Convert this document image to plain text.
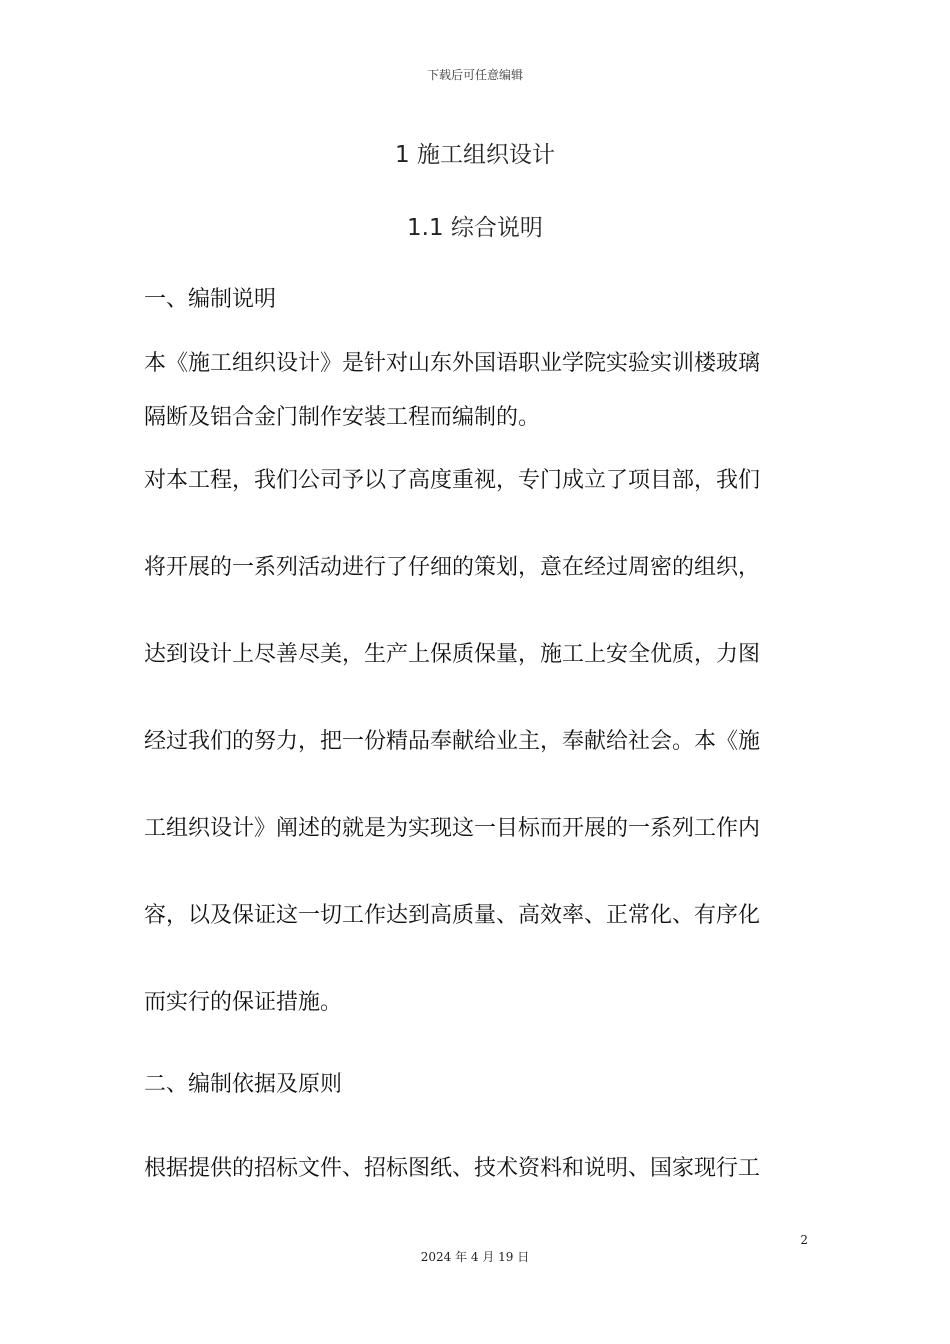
下载后可任意编辑
1 施工组织设计
1.1 综合说明
一、编制说明
本《施工组织设计》是针对山东外国语职业学院实验实训楼玻璃
隔断及铝合金门制作安装工程而编制的。
对本工程，我们公司予以了高度重视，专门成立了项目部，我们
将开展的一系列活动进行了仔细的策划，意在经过周密的组织，
达到设计上尽善尽美，生产上保质保量，施工上安全优质，力图
经过我们的努力，把一份精品奉献给业主，奉献给社会。本《施
工组织设计》阐述的就是为实现这一目标而开展的一系列工作内
容，以及保证这一切工作达到高质量、高效率、正常化、有序化
而实行的保证措施。
二、编制依据及原则
根据提供的招标文件、招标图纸、技术资料和说明、国家现行工
2
2024 年 4 月 19 日
